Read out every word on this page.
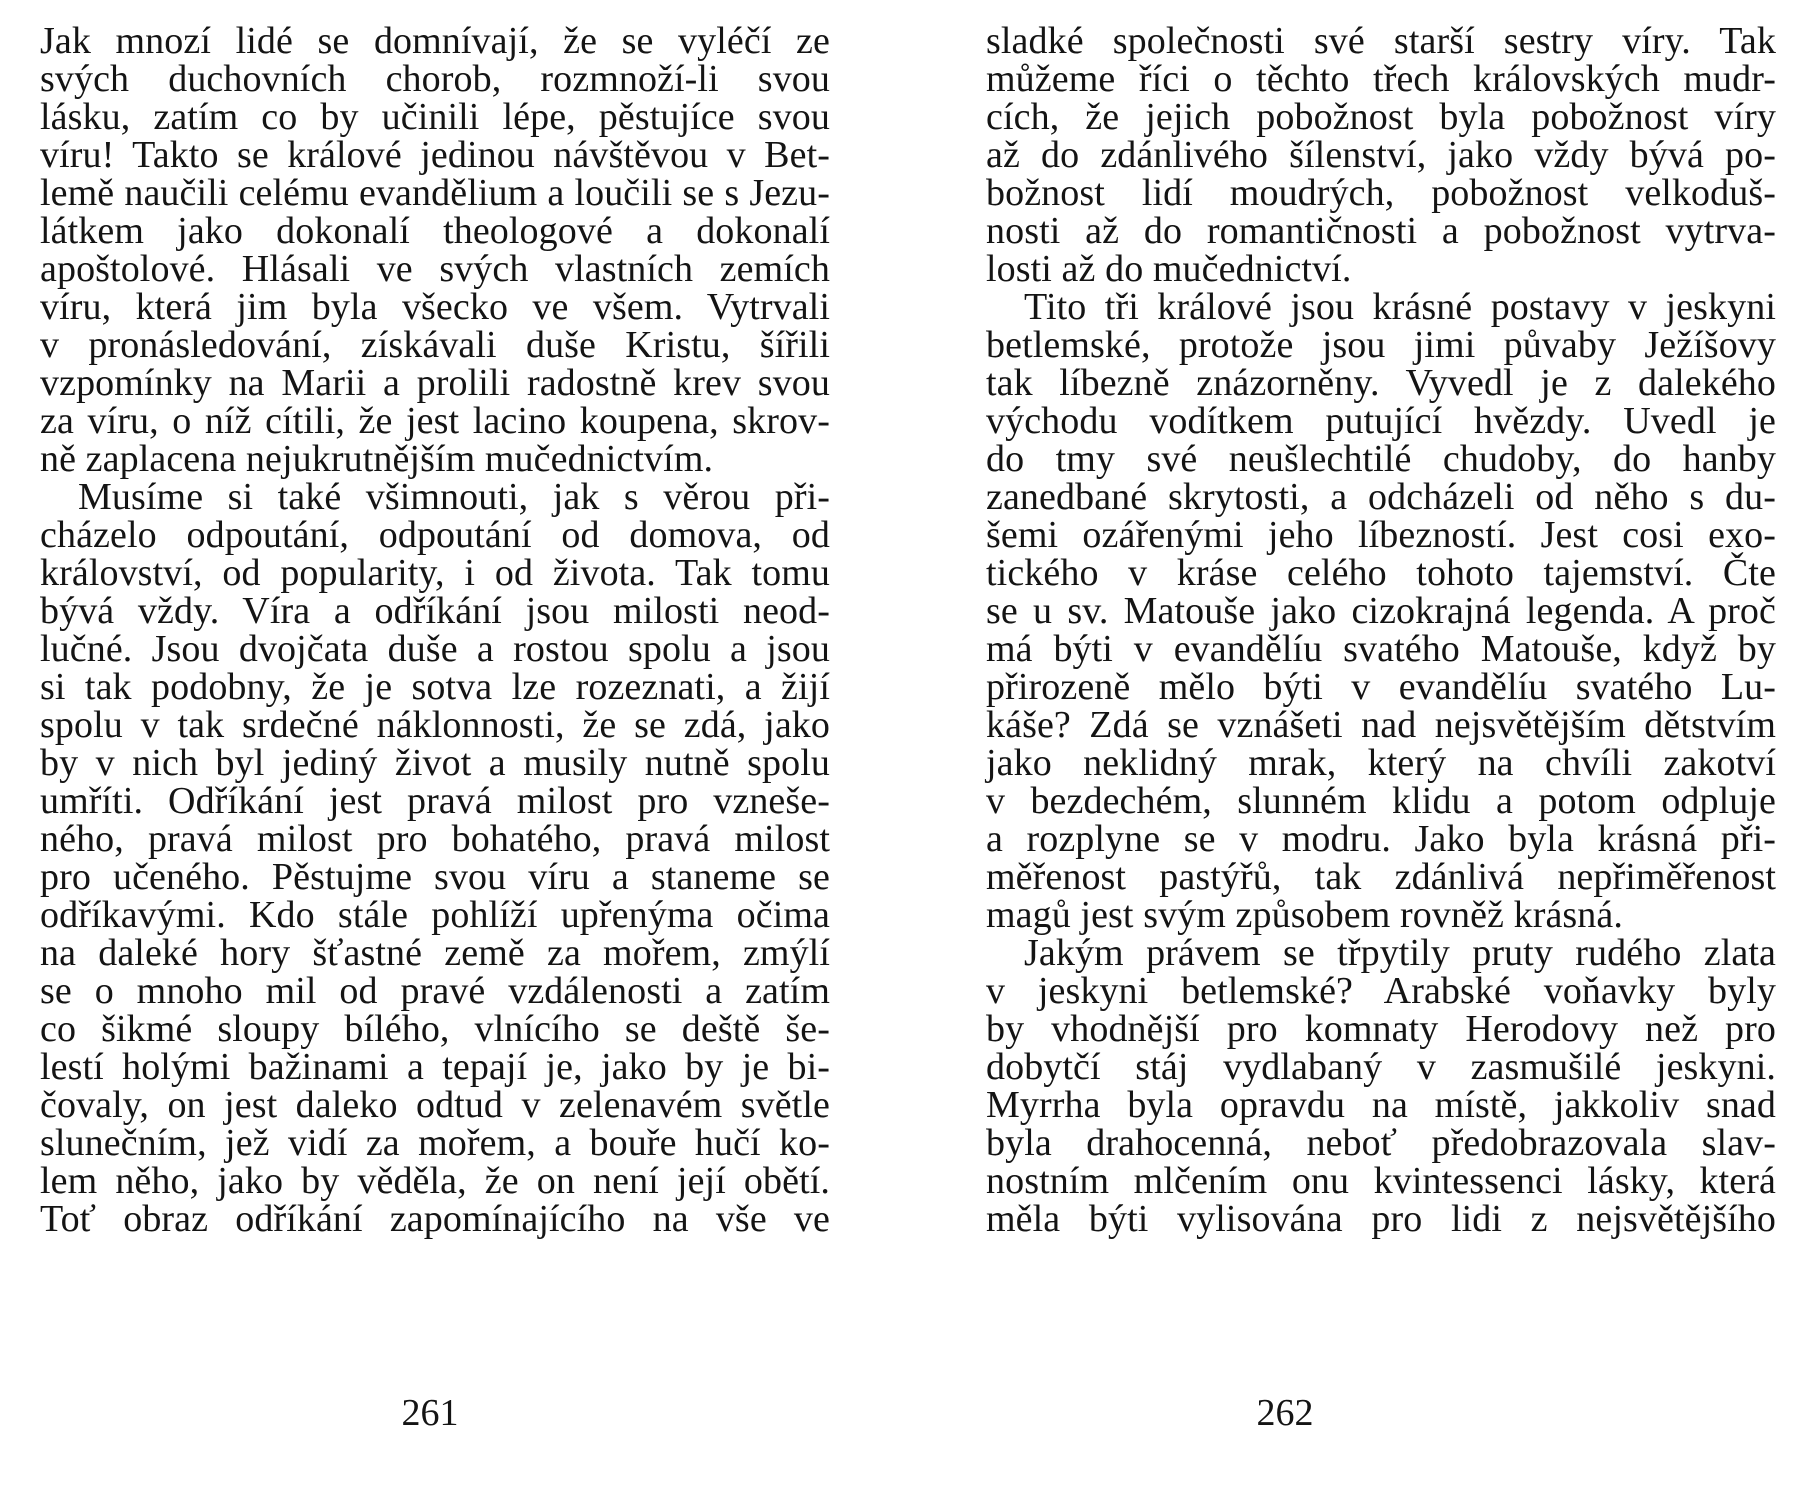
Jak mnozí lidé se domnívají, že se vyléčí ze
svých duchovních chorob, rozmnoží-li svou
lásku, zatím co by učinili lépe, pěstujíce svou
víru! Takto se králové jedinou návštěvou v Bet-
lemě naučili celému evandělium a loučili se s Jezu-
látkem jako dokonalí theologové a dokonalí
apoštolové. Hlásali ve svých vlastních zemích
víru, která jim byla všecko ve všem. Vytrvali
v pronásledování, získávali duše Kristu, šířili
vzpomínky na Marii a prolili radostně krev svou
za víru, o níž cítili, že jest lacino koupena, skrov-
ně zaplacena nejukrutnějším mučednictvím.
Musíme si také všimnouti, jak s věrou při-
cházelo odpoutání, odpoutání od domova, od
království, od popularity, i od života. Tak tomu
bývá vždy. Víra a odříkání jsou milosti neod-
lučné. Jsou dvojčata duše a rostou spolu a jsou
si tak podobny, že je sotva lze rozeznati, a žijí
spolu v tak srdečné náklonnosti, že se zdá, jako
by v nich byl jediný život a musily nutně spolu
umříti. Odříkání jest pravá milost pro vznešе-
ného, pravá milost pro bohatého, pravá milost
pro učeného. Pěstujme svou víru a staneme se
odříkavými. Kdo stále pohlíží upřenýma očima
na daleké hory šťastné země za mořem, zmýlí
se o mnoho mil od pravé vzdálenosti a zatím
co šikmé sloupy bílého, vlnícího se deště še-
lestí holými bažinami a tepají je, jako by je bi-
čovaly, on jest daleko odtud v zelenavém světle
slunečním, jež vidí za mořem, a bouře hučí ko-
lem něho, jako by věděla, že on není její obětí.
Toť obraz odříkání zapomínajícího na vše ve
261
sladké společnosti své starší sestry víry. Tak
můžeme říci o těchto třech královských mudr-
cích, že jejich pobožnost byla pobožnost víry
až do zdánlivého šílenství, jako vždy bývá po-
božnost lidí moudrých, pobožnost velkoduš-
nosti až do romantičnosti a pobožnost vytrva-
losti až do mučednictví.
Tito tři králové jsou krásné postavy v jeskyni
betlemské, protože jsou jimi půvaby Ježíšovy
tak líbezně znázorněny. Vyvedl je z dalekého
východu vodítkem putující hvězdy. Uvedl je
do tmy své neušlechtilé chudoby, do hanby
zanedbané skrytosti, a odcházeli od něho s du-
šemi ozářenými jeho líbezností. Jest cosi exo-
tického v kráse celého tohoto tajemství. Čte
se u sv. Matouše jako cizokrajná legenda. A proč
má býti v evandělíu svatého Matouše, když by
přirozeně mělo býti v evandělíu svatého Lu-
káše? Zdá se vznášeti nad nejsvětějším dětstvím
jako neklidný mrak, který na chvíli zakotví
v bezdechém, slunném klidu a potom odpluje
a rozplyne se v modru. Jako byla krásná při-
měřenost pastýřů, tak zdánlivá nepřiměřenost
magů jest svým způsobem rovněž krásná.
Jakým právem se třpytily pruty rudého zlata
v jeskyni betlemské? Arabské voňavky byly
by vhodnější pro komnaty Herodovy než pro
dobytčí stáj vydlabaný v zasmušilé jeskyni.
Myrrha byla opravdu na místě, jakkoliv snad
byla drahocenná, neboť předobrazovala slav-
nostním mlčením onu kvintessenci lásky, která
měla býti vylisována pro lidi z nejsvětějšího
262
